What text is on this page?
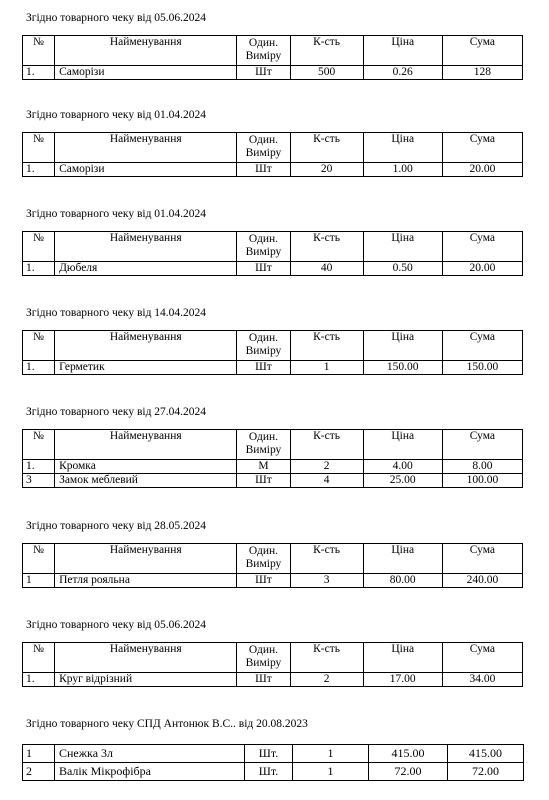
Згідно товарного чеку від 05.06.2024
№	Найменування	Один. Виміру	К-сть	Ціна	Сума
1.	Саморізи	Шт	500	0.26	128
Згідно товарного чеку від 01.04.2024
№	Найменування	Один. Виміру	К-сть	Ціна	Сума
1.	Саморізи	Шт	20	1.00	20.00
Згідно товарного чеку від 01.04.2024
№	Найменування	Один. Виміру	К-сть	Ціна	Сума
1.	Дюбеля	Шт	40	0.50	20.00
Згідно товарного чеку від 14.04.2024
№	Найменування	Один. Виміру	К-сть	Ціна	Сума
1.	Герметик	Шт	1	150.00	150.00
Згідно товарного чеку від 27.04.2024
№	Найменування	Один. Виміру	К-сть	Ціна	Сума
1.	Кромка	М	2	4.00	8.00
3	Замок меблевий	Шт	4	25.00	100.00
Згідно товарного чеку від 28.05.2024
№	Найменування	Один. Виміру	К-сть	Ціна	Сума
1	Петля рояльна	Шт	3	80.00	240.00
Згідно товарного чеку від 05.06.2024
№	Найменування	Один. Виміру	К-сть	Ціна	Сума
1.	Круг відрізний	Шт	2	17.00	34.00
Згідно товарного чеку СПД Антонюк В.С.. від 20.08.2023
1	Снежка 3л	Шт.	1	415.00	415.00
2	Валік Мікрофібра	Шт.	1	72.00	72.00
